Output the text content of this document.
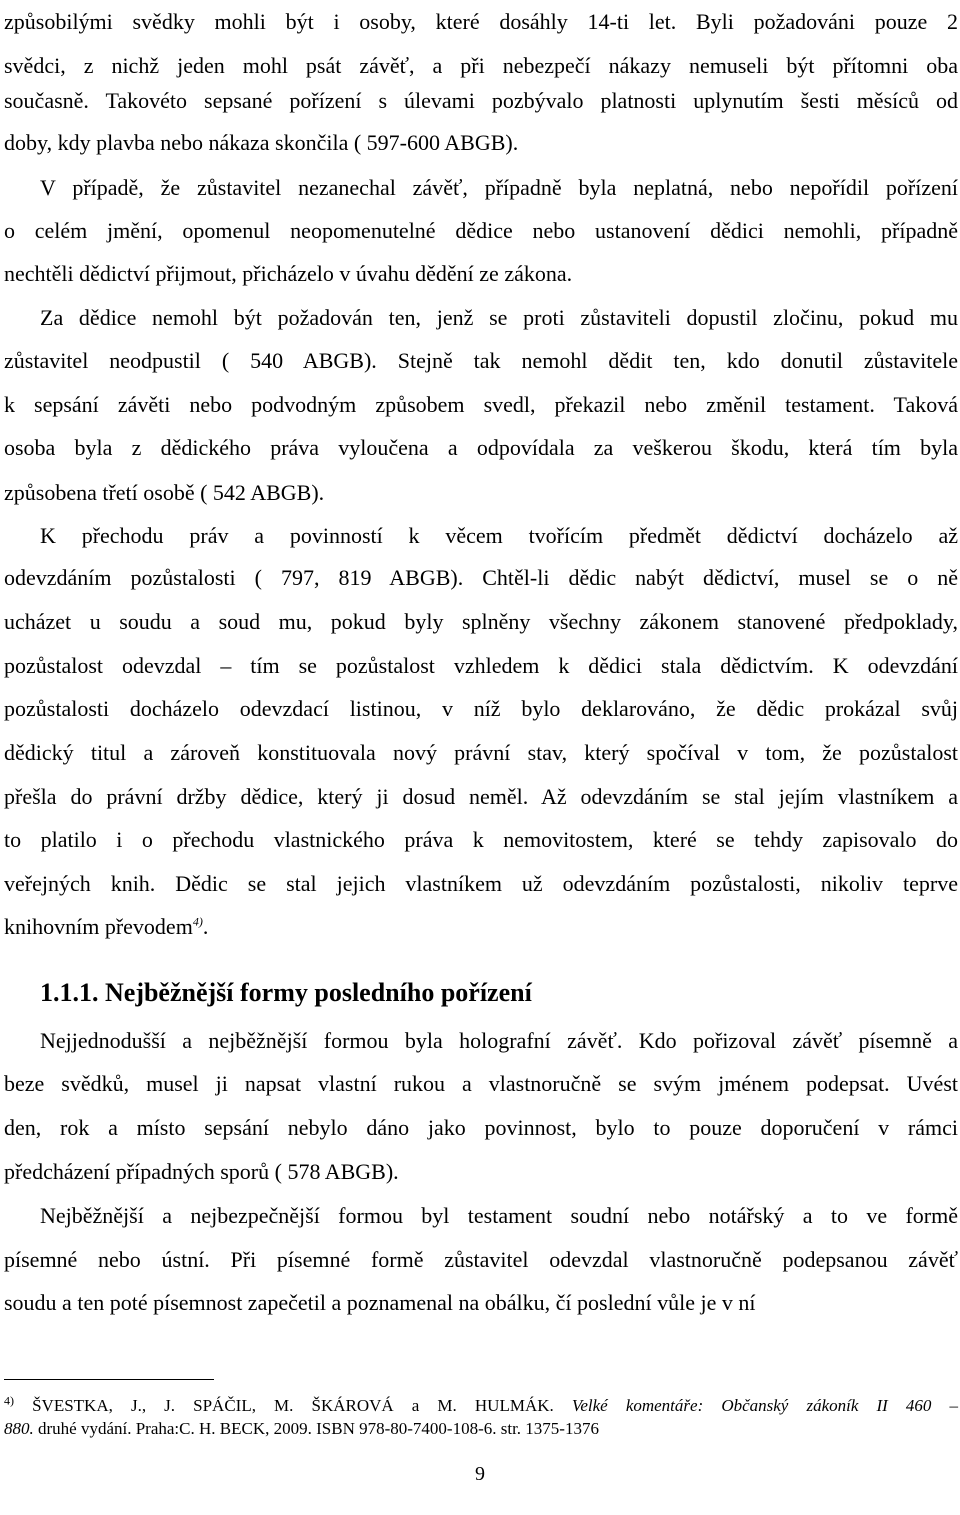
způsobilými svědky mohli být i osoby, které dosáhly 14-ti let. Byli požadováni pouze 2
svědci, z nichž jeden mohl psát závěť, a při nebezpečí nákazy nemuseli být přítomni oba
současně. Takovéto sepsané pořízení s úlevami pozbývalo platnosti uplynutím šesti měsíců od
doby, kdy plavba nebo nákaza skončila ( 597-600 ABGB).
V případě, že zůstavitel nezanechal závěť, případně byla neplatná, nebo nepořídil pořízení
o celém jmění, opomenul neopomenutelné dědice nebo ustanovení dědici nemohli, případně
nechtěli dědictví přijmout, přicházelo v úvahu dědění ze zákona.
Za dědice nemohl být požadován ten, jenž se proti zůstaviteli dopustil zločinu, pokud mu
zůstavitel neodpustil ( 540 ABGB). Stejně tak nemohl dědit ten, kdo donutil zůstavitele
k sepsání závěti nebo podvodným způsobem svedl, překazil nebo změnil testament. Taková
osoba byla z dědického práva vyloučena a odpovídala za veškerou škodu, která tím byla
způsobena třetí osobě ( 542 ABGB).
K přechodu práv a povinností k věcem tvořícím předmět dědictví docházelo až
odevzdáním pozůstalosti ( 797, 819 ABGB). Chtěl-li dědic nabýt dědictví, musel se o ně
ucházet u soudu a soud mu, pokud byly splněny všechny zákonem stanovené předpoklady,
pozůstalost odevzdal – tím se pozůstalost vzhledem k dědici stala dědictvím. K odevzdání
pozůstalosti docházelo odevzdací listinou, v níž bylo deklarováno, že dědic prokázal svůj
dědický titul a zároveň konstituovala nový právní stav, který spočíval v tom, že pozůstalost
přešla do právní držby dědice, který ji dosud neměl. Až odevzdáním se stal jejím vlastníkem a
to platilo i o přechodu vlastnického práva k nemovitostem, které se tehdy zapisovalo do
veřejných knih. Dědic se stal jejich vlastníkem už odevzdáním pozůstalosti, nikoliv teprve
knihovním převodem$^{4)}$.
1.1.1. Nejběžnější formy posledního pořízení
Nejjednodušší a nejběžnější formou byla holografní závěť. Kdo pořizoval závěť písemně a
beze svědků, musel ji napsat vlastní rukou a vlastnoručně se svým jménem podepsat. Uvést
den, rok a místo sepsání nebylo dáno jako povinnost, bylo to pouze doporučení v rámci
předcházení případných sporů ( 578 ABGB).
Nejběžnější a nejbezpečnější formou byl testament soudní nebo notářský a to ve formě
písemné nebo ústní. Při písemné formě zůstavitel odevzdal vlastnoručně podepsanou závěť
soudu a ten poté písemnost zapečetil a poznamenal na obálku, čí poslední vůle je v ní
$^{4)}$ ŠVESTKA, J., J. SPÁČIL, M. ŠKÁROVÁ a M. HULMÁK. Velké komentáře: Občanský zákoník II 460 –
880. druhé vydání. Praha:C. H. BECK, 2009. ISBN 978-80-7400-108-6. str. 1375-1376
9
